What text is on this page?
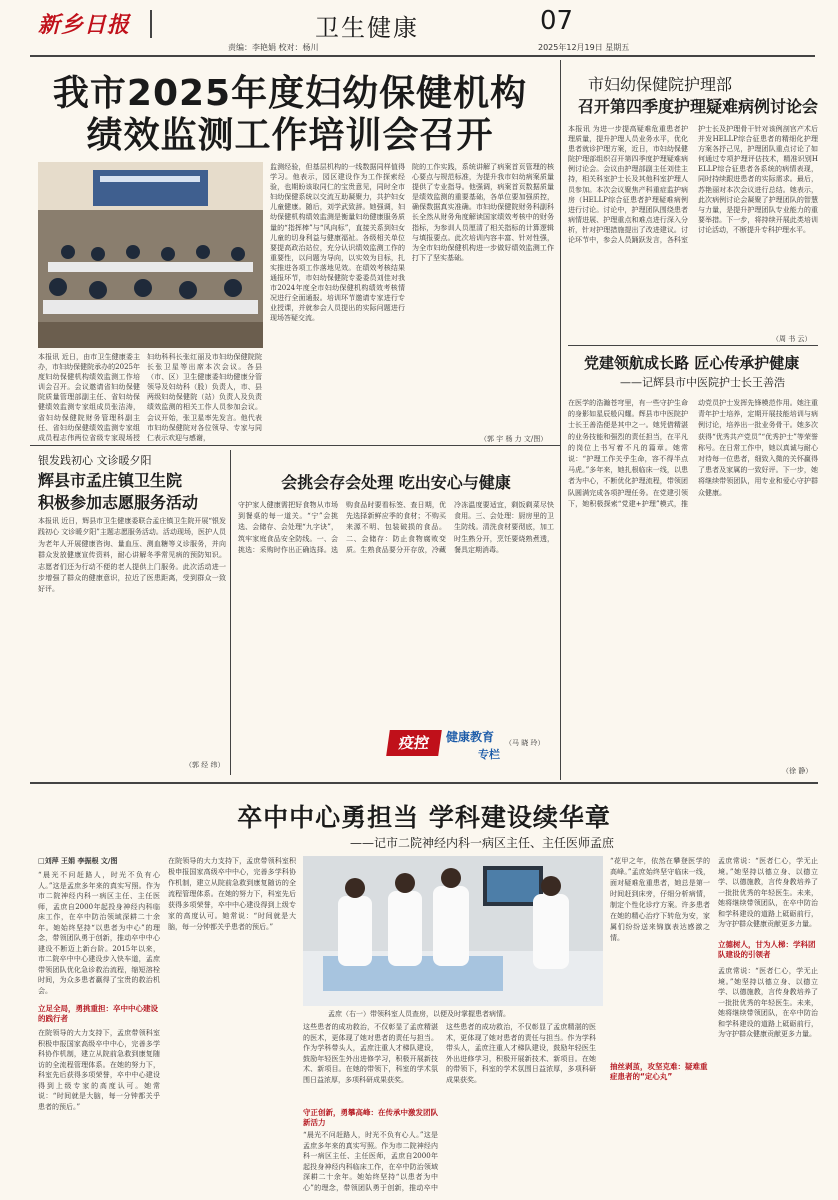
新乡日报	卫生健康	07
责编：李艳娟 校对：杨川	2025年12月19日 星期五
我市2025年度妇幼保健机构
绩效监测工作培训会召开
本报讯 近日，由市卫生健康委主办，市妇幼保健院承办的2025年度妇幼保健机构绩效监测工作培训会召开。会议邀请省妇幼保健院质量管理部副主任、省妇幼保健绩效监测专家组成员张洁涛，省妇幼保健院财务管理科副主任、省妇幼保健绩效监测专家组成员程志伟两位省级专家现场授
妇幼科科长张红丽及市妇幼保健院院长张卫星等出席本次会议。各县（市、区）卫生健康委妇幼健康分管领导及妇幼科（股）负责人，市、县两级妇幼保健院（站）负责人及负责绩效监测的相关工作人员参加会议。会议开始，张卫星率先发言。他代表市妇幼保健院对各位领导、专家与同仁表示欢迎与感谢，
监测经验，但基层机构的一线数据同样值得学习。他表示，园区建设作为工作探索经验，也期盼该取同仁的宝贵意见，同时全市妇幼保健系统以交流互助凝聚力，共护妇女儿童健康。随后，刘学武致辞。她强调，妇幼保健机构绩效监测是衡量妇幼健康服务质量的“指挥棒”与“风向标”，直接关系到妇女儿童的切身利益与健康福祉。各级相关单位要提高政治站位，充分认识绩效监测工作的重要性，以问题为导向，以实效为目标，扎实推进各项工作落地见效。在绩效考核结果通报环节，市妇幼保健院专委委员刘佳对我市2024年度全市妇幼保健机构绩效考核情况进行全面通报。培训环节邀请专家进行专业授课，并就参会人员提出的实际问题进行现场答疑交流。
院的工作实践，系统讲解了病案首页管理的核心要点与规范标准，为提升我市妇幼病案质量提供了专业指导。他强调，病案首页数据质量是绩效监测的重要基础，各单位要加强质控，确保数据真实准确。市妇幼保健院财务科副科长全然从财务角度解读国家绩效考核中的财务指标，为参训人员厘清了相关指标的计算逻辑与填报要点。此次培训内容丰富、针对性强，为全市妇幼保健机构进一步做好绩效监测工作打下了坚实基础。
（郭 宇 杨 力 文/图）
市妇幼保健院护理部
召开第四季度护理疑难病例讨论会
本报讯 为进一步提高疑难危重患者护理质量，提升护理人员业务水平，优化患者就诊护理方案，近日，市妇幼保健院护理部组织召开第四季度护理疑难病例讨论会。会议由护理部副主任刘佳主持，相关科室护士长及其他科室护理人员参加。本次会议聚焦产科重症监护病房（HELLP综合征患者护理疑难病例进行讨论。讨论中，护理团队围绕患者病情进展、护理重点和难点进行深入分析，针对护理措施提出了改进建议。讨论环节中，参会人员踊跃发言，各科室护士长及护理骨干针对该例剖宫产术后并发HELLP综合征患者的精细化护理方案各抒己见，护理团队重点讨论了如何通过专项护理评估技术，精准识别HELLP综合征患者各系统的病情表现，同时持续跟进患者的实际需求。最后，苏艳丽对本次会议进行总结。她表示，此次病例讨论会凝聚了护理团队的智慧与力量，是提升护理团队专业能力的重要举措。下一步，将持续开展此类培训讨论活动，不断提升专科护理水平。
（周 书 云）
党建领航成长路 匠心传承护健康
——记辉县市中医院护士长王善浩
在医学的浩瀚苍穹里，有一些守护生命的身影如星辰般闪耀。辉县市中医院护士长王善浩便是其中之一。她凭借精湛的业务技能和强烈的责任担当，在平凡的岗位上书写着不凡的篇章。她常说：“护理工作关乎生命，容不得半点马虎。”多年来，她扎根临床一线，以患者为中心，不断优化护理流程，带领团队圆满完成各项护理任务。在党建引领下，她积极探索“党建+护理”模式，推动党员护士发挥先锋模范作用。她注重青年护士培养，定期开展技能培训与病例讨论，培养出一批业务骨干。她多次获得“优秀共产党员”“优秀护士”等荣誉称号。在日常工作中，她以真诚与耐心对待每一位患者，细致入微的关怀赢得了患者及家属的一致好评。下一步，她将继续带领团队，用专业和爱心守护群众健康。
（徐 静）
银发践初心 文诊暖夕阳
辉县市孟庄镇卫生院
积极参加志愿服务活动
本报讯 近日，辉县市卫生健康委联合孟庄镇卫生院开展“银发践初心 文诊暖夕阳”主题志愿服务活动。活动现场，医护人员为老年人开展健康咨询、量血压、测血糖等义诊服务，并向群众发放健康宣传资料，耐心讲解冬季常见病的预防知识。志愿者们还为行动不便的老人提供上门服务。此次活动进一步增强了群众的健康意识，拉近了医患距离，受到群众一致好评。
（郭 经 纬）
会挑会存会处理 吃出安心与健康
守护家人健康需把好食物从市场到餐桌的每一道关。“宁”会挑选、会储存、会处理“九字诀”，筑牢家庭食品安全防线。一、会挑选：采购时作出正确选择。选购食品时要看标签、查日期，优先选择新鲜应季的食材；不购买来源不明、包装破损的食品。二、会储存：防止食物腐败变质。生熟食品要分开存放，冷藏冷冻温度要适宜，剩饭剩菜尽快食用。三、会处理：厨房里的卫生防线。清洗食材要彻底，加工时生熟分开，烹饪要烧熟煮透，餐具定期消毒。
（马 晓 玲）
疫控	健康教育
专栏
卒中中心勇担当 学科建设续华章
——记市二院神经内科一病区主任、主任医师孟庶
□刘萍 王娟 李振根 文/图
“晨光不问赶路人，时光不负有心人。”这是孟庶多年来的真实写照。作为市二院神经内科一病区主任、主任医师，孟庶自2000年起投身神经内科临床工作，在卒中防治领域深耕二十余年。她始终坚持“以患者为中心”的理念，带领团队勇于创新，推动卒中中心建设不断迈上新台阶。2015年以来，市二院卒中中心建设步入快车道，孟庶带领团队优化急诊救治流程，缩短溶栓时间，为众多患者赢得了宝贵的救治机会。
立足全局，勇挑重担：卒中中心建设的践行者
在院领导的大力支持下，孟庶带领科室积极申报国家高级卒中中心，完善多学科协作机制，建立从院前急救到康复随访的全流程管理体系。在她的努力下，科室先后获得多项荣誉，卒中中心建设得到上级专家的高度认可。她常说：“时间就是大脑，每一分钟都关乎患者的预后。”
在院领导的大力支持下，孟庶带领科室积极申报国家高级卒中中心，完善多学科协作机制，建立从院前急救到康复随访的全流程管理体系。在她的努力下，科室先后获得多项荣誉，卒中中心建设得到上级专家的高度认可。她常说：“时间就是大脑，每一分钟都关乎患者的预后。”
孟庶（右一）带领科室人员查房，以便及时掌握患者病情。
守正创新，勇攀高峰：在传承中激发团队新活力
这些患者的成功救治，不仅彰显了孟庶精湛的医术，更体现了她对患者的责任与担当。作为学科带头人，孟庶注重人才梯队建设，鼓励年轻医生外出进修学习，积极开展新技术、新项目。在她的带领下，科室的学术氛围日益浓厚，多项科研成果获奖。
“晨光不问赶路人，时光不负有心人。”这是孟庶多年来的真实写照。作为市二院神经内科一病区主任、主任医师，孟庶自2000年起投身神经内科临床工作，在卒中防治领域深耕二十余年。她始终坚持“以患者为中心”的理念，带领团队勇于创新，推动卒中
这些患者的成功救治，不仅彰显了孟庶精湛的医术，更体现了她对患者的责任与担当。作为学科带头人，孟庶注重人才梯队建设，鼓励年轻医生外出进修学习，积极开展新技术、新项目。在她的带领下，科室的学术氛围日益浓厚，多项科研成果获奖。
“花甲之年，依然在攀登医学的高峰。”孟庶始终坚守临床一线，面对疑难危重患者，她总是第一时间赶到床旁，仔细分析病情，制定个性化诊疗方案。许多患者在她的精心治疗下转危为安，家属们纷纷送来锦旗表达感激之情。
抽丝剥茧，攻坚克难：疑难重症患者的“定心丸”
孟庶常说：“医者仁心，学无止境。”她坚持以德立身、以德立学、以德施教，言传身教培养了一批批优秀的年轻医生。未来，她将继续带领团队，在卒中防治和学科建设的道路上砥砺前行，为守护群众健康贡献更多力量。
立德树人，甘为人梯：学科团队建设的引领者
孟庶常说：“医者仁心，学无止境。”她坚持以德立身、以德立学、以德施教，言传身教培养了一批批优秀的年轻医生。未来，她将继续带领团队，在卒中防治和学科建设的道路上砥砺前行，为守护群众健康贡献更多力量。
